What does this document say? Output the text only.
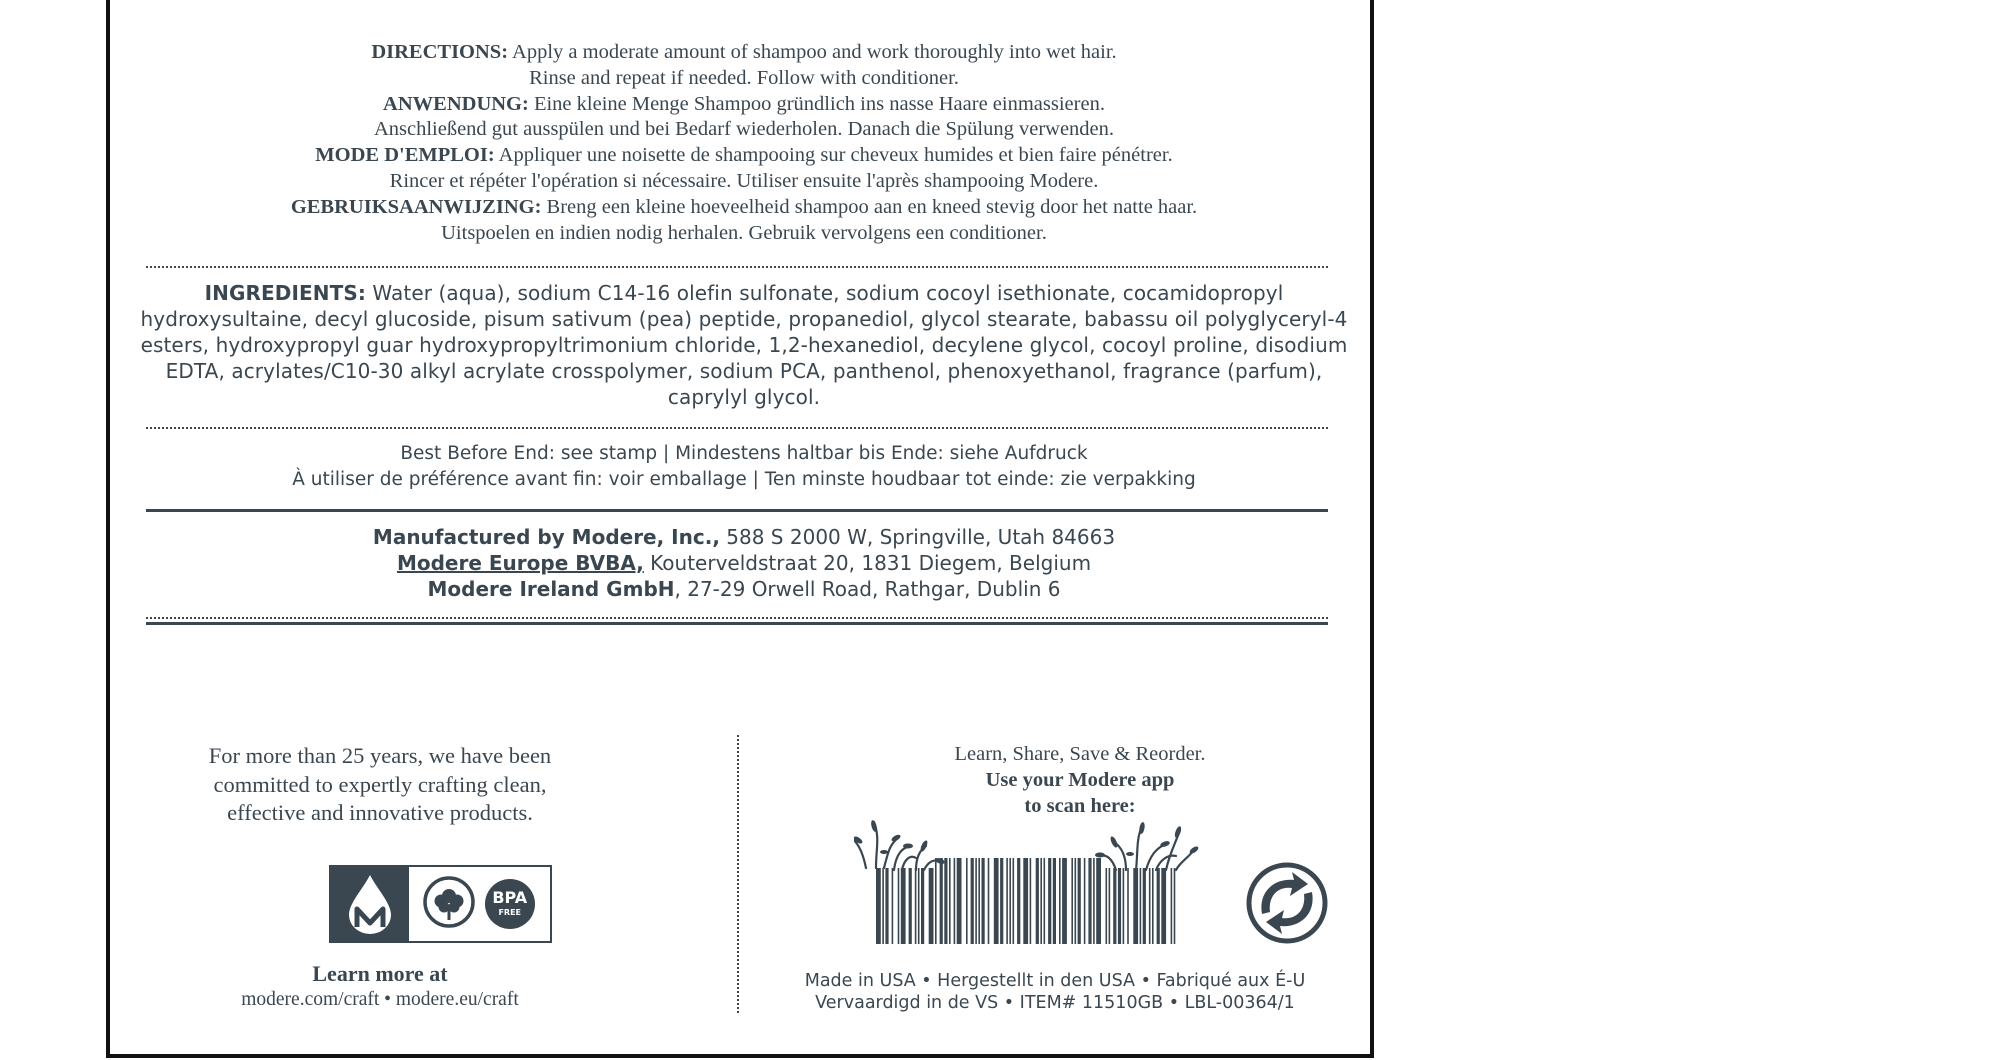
DIRECTIONS: Apply a moderate amount of shampoo and work thoroughly into wet hair.
Rinse and repeat if needed. Follow with conditioner.
ANWENDUNG: Eine kleine Menge Shampoo gründlich ins nasse Haare einmassieren.
Anschließend gut ausspülen und bei Bedarf wiederholen. Danach die Spülung verwenden.
MODE D'EMPLOI: Appliquer une noisette de shampooing sur cheveux humides et bien faire pénétrer.
Rincer et répéter l'opération si nécessaire. Utiliser ensuite l'après shampooing Modere.
GEBRUIKSAANWIJZING: Breng een kleine hoeveelheid shampoo aan en kneed stevig door het natte haar.
Uitspoelen en indien nodig herhalen. Gebruik vervolgens een conditioner.
INGREDIENTS: Water (aqua), sodium C14-16 olefin sulfonate, sodium cocoyl isethionate, cocamidopropyl hydroxysultaine, decyl glucoside, pisum sativum (pea) peptide, propanediol, glycol stearate, babassu oil polyglyceryl-4 esters, hydroxypropyl guar hydroxypropyltrimonium chloride, 1,2-hexanediol, decylene glycol, cocoyl proline, disodium EDTA, acrylates/C10-30 alkyl acrylate crosspolymer, sodium PCA, panthenol, phenoxyethanol, fragrance (parfum), caprylyl glycol.
Best Before End: see stamp | Mindestens haltbar bis Ende: siehe Aufdruck
À utiliser de préférence avant fin: voir emballage | Ten minste houdbaar tot einde: zie verpakking
Manufactured by Modere, Inc., 588 S 2000 W, Springville, Utah 84663
Modere Europe BVBA, Kouterveldstraat 20, 1831 Diegem, Belgium
Modere Ireland GmbH, 27-29 Orwell Road, Rathgar, Dublin 6
For more than 25 years, we have been
committed to expertly crafting clean,
effective and innovative products.
BPA
FREE
Learn more at
modere.com/craft • modere.eu/craft
Learn, Share, Save & Reorder.
Use your Modere app
to scan here:
Made in USA • Hergestellt in den USA • Fabriqué aux É-U
Vervaardigd in de VS • ITEM# 11510GB • LBL-00364/1
